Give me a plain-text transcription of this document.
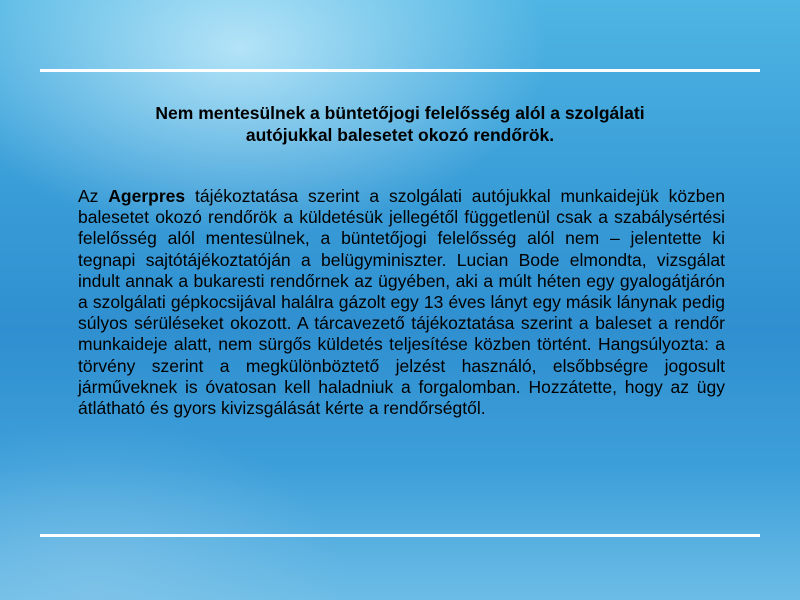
Nem mentesülnek a büntetőjogi felelősség alól a szolgálati
autójukkal balesetet okozó rendőrök.

Az Agerpres tájékoztatása szerint a szolgálati autójukkal munkaidejük közben balesetet okozó rendőrök a küldetésük jellegétől függetlenül csak a szabálysértési felelősség alól mentesülnek, a büntetőjogi felelősség alól nem – jelentette ki tegnapi sajtótájékoztatóján a belügyminiszter. Lucian Bode elmondta, vizsgálat indult annak a bukaresti rendőrnek az ügyében, aki a múlt héten egy gyalogátjárón a szolgálati gépkocsijával halálra gázolt egy 13 éves lányt egy másik lánynak pedig súlyos sérüléseket okozott. A tárcavezető tájékoztatása szerint a baleset a rendőr munkaideje alatt, nem sürgős küldetés teljesítése közben történt. Hangsúlyozta: a törvény szerint a megkülönböztető jelzést használó, elsőbbségre jogosult járműveknek is óvatosan kell haladniuk a forgalomban. Hozzátette, hogy az ügy átlátható és gyors kivizsgálását kérte a rendőrségtől.
